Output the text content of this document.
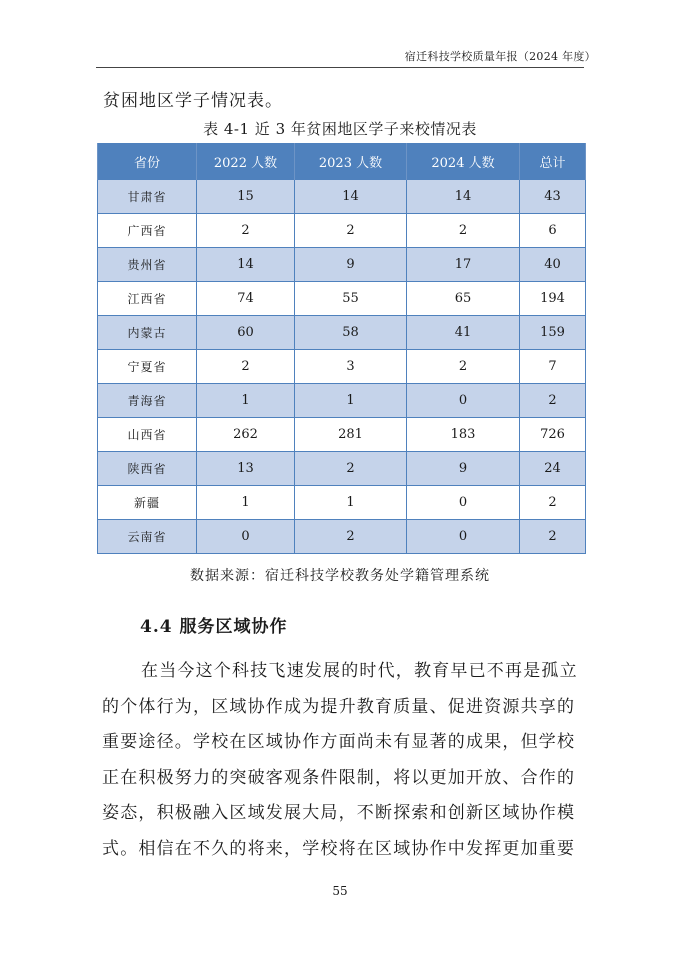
宿迁科技学校质量年报（2024 年度）
贫困地区学子情况表。
表 4-1 近 3 年贫困地区学子来校情况表
省份	2022 人数	2023 人数	2024 人数	总计
甘肃省	15	14	14	43
广西省	2	2	2	6
贵州省	14	9	17	40
江西省	74	55	65	194
内蒙古	60	58	41	159
宁夏省	2	3	2	7
青海省	1	1	0	2
山西省	262	281	183	726
陕西省	13	2	9	24
新疆	1	1	0	2
云南省	0	2	0	2
数据来源：宿迁科技学校教务处学籍管理系统
4.4 服务区域协作
在当今这个科技飞速发展的时代，教育早已不再是孤立
的个体行为，区域协作成为提升教育质量、促进资源共享的
重要途径。学校在区域协作方面尚未有显著的成果，但学校
正在积极努力的突破客观条件限制，将以更加开放、合作的
姿态，积极融入区域发展大局，不断探索和创新区域协作模
式。相信在不久的将来，学校将在区域协作中发挥更加重要
55
